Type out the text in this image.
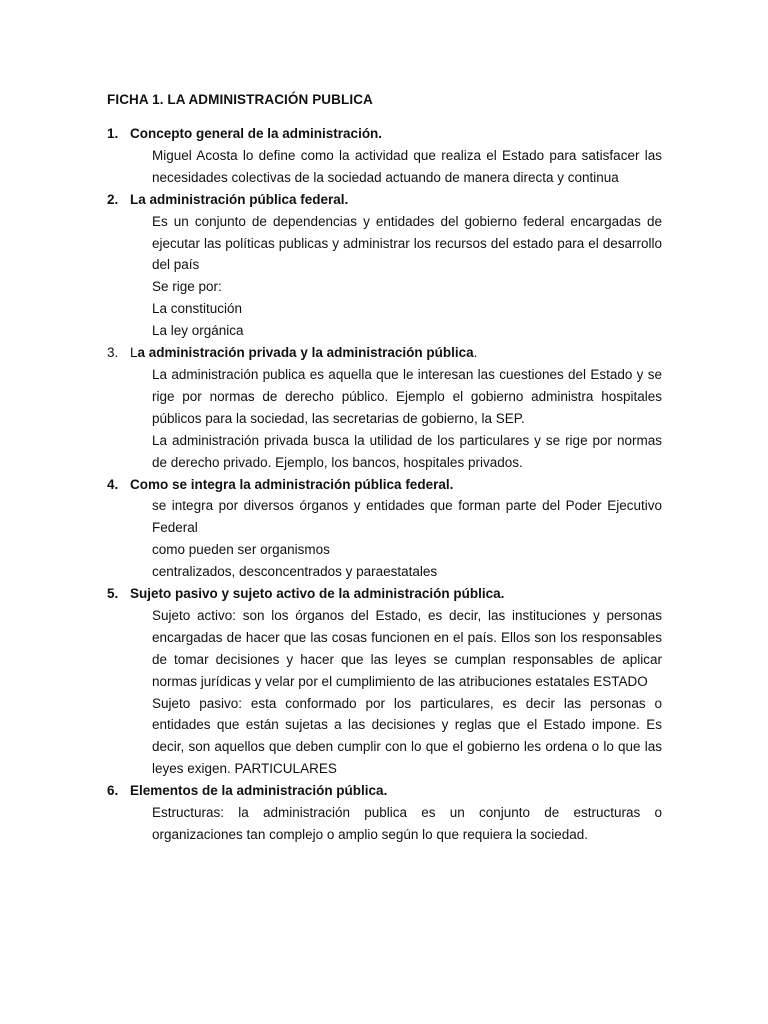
FICHA 1. LA ADMINISTRACIÓN PUBLICA
1. Concepto general de la administración.

Miguel Acosta lo define como la actividad que realiza el Estado para satisfacer las necesidades colectivas de la sociedad actuando de manera directa y continua

2. La administración pública federal.

Es un conjunto de dependencias y entidades del gobierno federal encargadas de ejecutar las políticas publicas y administrar los recursos del estado para el desarrollo del país

Se rige por:

La constitución

La ley orgánica

3. La administración privada y la administración pública.

La administración publica es aquella que le interesan las cuestiones del Estado y se rige por normas de derecho público. Ejemplo el gobierno administra hospitales públicos para la sociedad, las secretarias de gobierno, la SEP.

La administración privada busca la utilidad de los particulares y se rige por normas de derecho privado. Ejemplo, los bancos, hospitales privados.

4. Como se integra la administración pública federal.

se integra por diversos órganos y entidades que forman parte del Poder Ejecutivo Federal

como pueden ser organismos

centralizados, desconcentrados y paraestatales

5. Sujeto pasivo y sujeto activo de la administración pública.

Sujeto activo: son los órganos del Estado, es decir, las instituciones y personas encargadas de hacer que las cosas funcionen en el país. Ellos son los responsables de tomar decisiones y hacer que las leyes se cumplan responsables de aplicar normas jurídicas y velar por el cumplimiento de las atribuciones estatales ESTADO

Sujeto pasivo: esta conformado por los particulares, es decir las personas o entidades que están sujetas a las decisiones y reglas que el Estado impone. Es decir, son aquellos que deben cumplir con lo que el gobierno les ordena o lo que las leyes exigen. PARTICULARES

6. Elementos de la administración pública.

Estructuras: la administración publica es un conjunto de estructuras o organizaciones tan complejo o amplio según lo que requiera la sociedad.
